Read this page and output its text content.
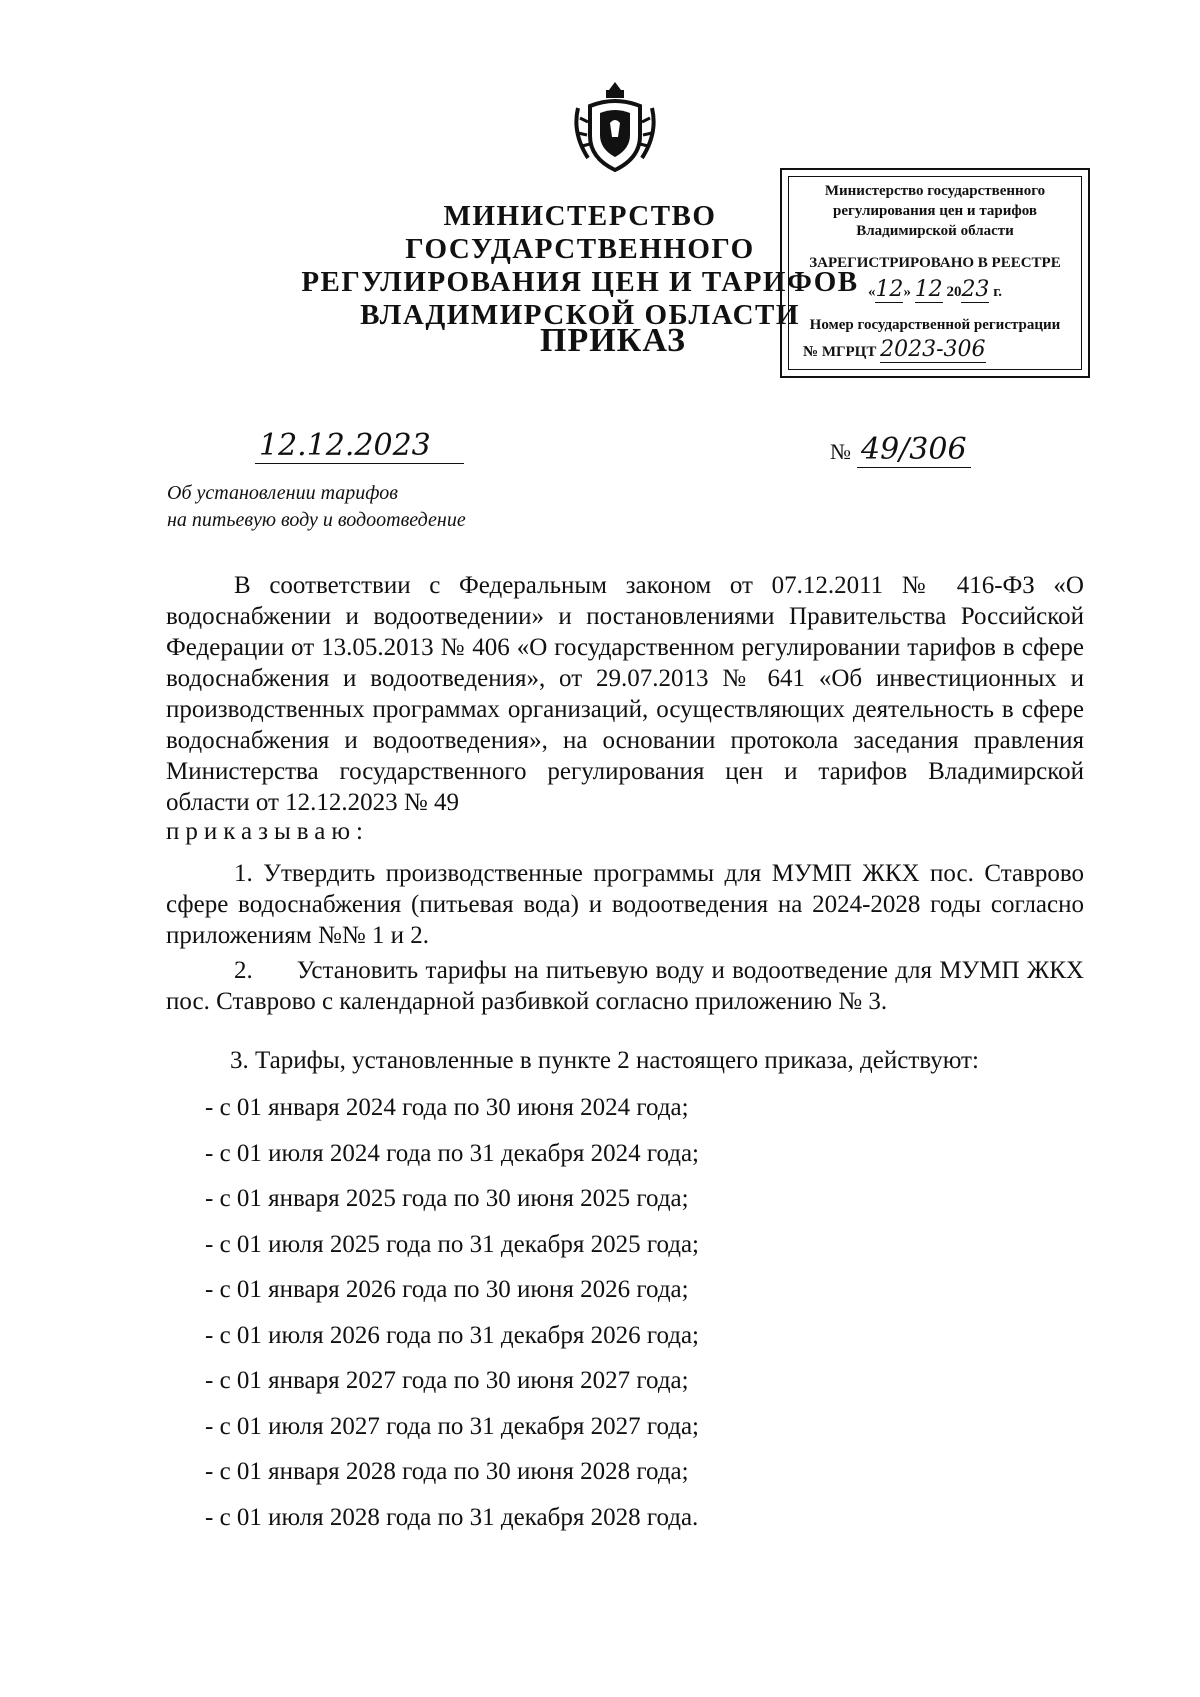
МИНИСТЕРСТВО ГОСУДАРСТВЕННОГО
РЕГУЛИРОВАНИЯ ЦЕН И ТАРИФОВ
ВЛАДИМИРСКОЙ ОБЛАСТИ
ПРИКАЗ
Министерство государственного
регулирования цен и тарифов
Владимирской области
ЗАРЕГИСТРИРОВАНО В РЕЕСТРЕ
«12» 12 2023 г.
Номер государственной регистрации
№ МГРЦТ 2023-306
12.12.2023	№ 49/306
Об установлении тарифов
на питьевую воду и водоотведение
В соответствии с Федеральным законом от 07.12.2011 № 416-ФЗ «О водоснабжении и водоотведении» и постановлениями Правительства Российской Федерации от 13.05.2013 № 406 «О государственном регулировании тарифов в сфере водоснабжения и водоотведения», от 29.07.2013 № 641 «Об инвестиционных и производственных программах организаций, осуществляющих деятельность в сфере водоснабжения и водоотведения», на основании протокола заседания правления Министерства государственного регулирования цен и тарифов Владимирской области от 12.12.2023 № 49
приказываю:
1. Утвердить производственные программы для МУМП ЖКХ пос. Ставрово сфере водоснабжения (питьевая вода) и водоотведения на 2024-2028 годы согласно приложениям №№ 1 и 2.
2.      Установить тарифы на питьевую воду и водоотведение для МУМП ЖКХ пос. Ставрово с календарной разбивкой согласно приложению № 3.
3. Тарифы, установленные в пункте 2 настоящего приказа, действуют:
- с 01 января 2024 года по 30 июня 2024 года;
- с 01 июля 2024 года по 31 декабря 2024 года;
- с 01 января 2025 года по 30 июня 2025 года;
- с 01 июля 2025 года по 31 декабря 2025 года;
- с 01 января 2026 года по 30 июня 2026 года;
- с 01 июля 2026 года по 31 декабря 2026 года;
- с 01 января 2027 года по 30 июня 2027 года;
- с 01 июля 2027 года по 31 декабря 2027 года;
- с 01 января 2028 года по 30 июня 2028 года;
- с 01 июля 2028 года по 31 декабря 2028 года.
